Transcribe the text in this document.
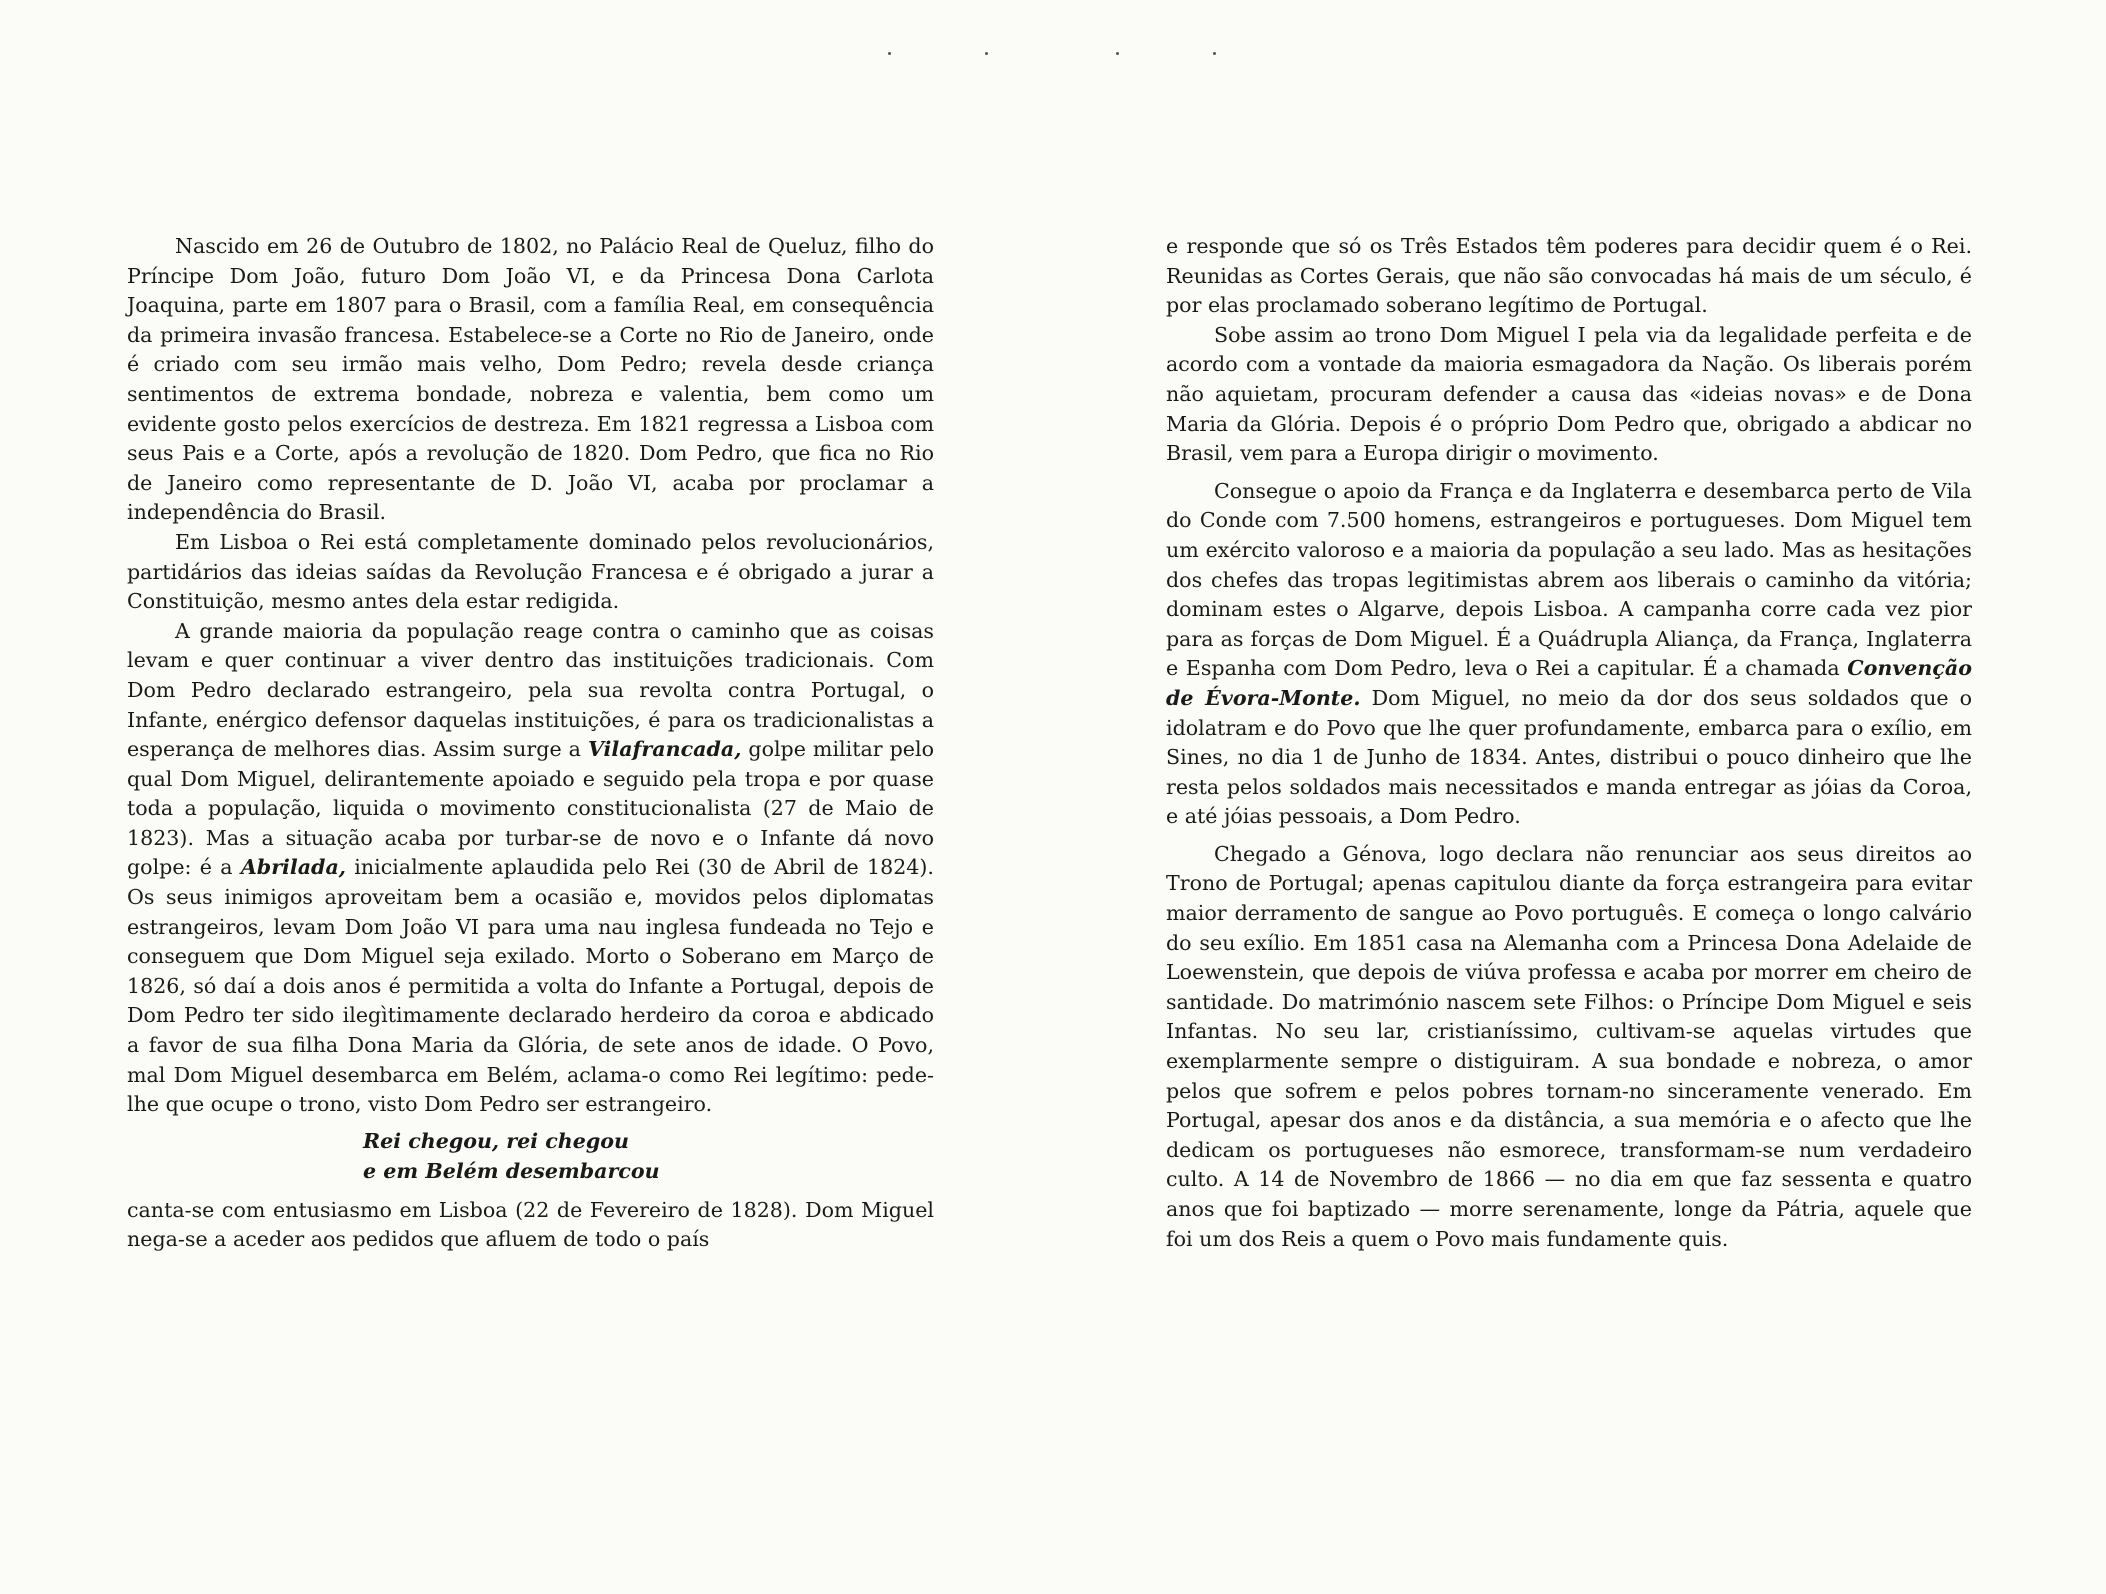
Nascido em 26 de Outubro de 1802, no Palácio Real de Queluz, filho do Príncipe Dom João, futuro Dom João VI, e da Princesa Dona Carlota Joaquina, parte em 1807 para o Brasil, com a família Real, em consequência da primeira invasão francesa. Estabelece-se a Corte no Rio de Janeiro, onde é criado com seu irmão mais velho, Dom Pedro; revela desde criança sentimentos de extrema bondade, nobreza e valentia, bem como um evidente gosto pelos exercícios de destreza. Em 1821 regressa a Lisboa com seus Pais e a Corte, após a revolução de 1820. Dom Pedro, que fica no Rio de Janeiro como representante de D. João VI, acaba por proclamar a independência do Brasil.

Em Lisboa o Rei está completamente dominado pelos revolucionários, partidários das ideias saídas da Revolução Francesa e é obrigado a jurar a Constituição, mesmo antes dela estar redigida.

A grande maioria da população reage contra o caminho que as coisas levam e quer continuar a viver dentro das instituições tradicionais. Com Dom Pedro declarado estrangeiro, pela sua revolta contra Portugal, o Infante, enérgico defensor daquelas instituições, é para os tradicionalistas a esperança de melhores dias. Assim surge a Vilafrancada, golpe militar pelo qual Dom Miguel, delirantemente apoiado e seguido pela tropa e por quase toda a população, liquida o movimento constitucionalista (27 de Maio de 1823). Mas a situação acaba por turbar-se de novo e o Infante dá novo golpe: é a Abrilada, inicialmente aplaudida pelo Rei (30 de Abril de 1824). Os seus inimigos aproveitam bem a ocasião e, movidos pelos diplomatas estrangeiros, levam Dom João VI para uma nau inglesa fundeada no Tejo e conseguem que Dom Miguel seja exilado. Morto o Soberano em Março de 1826, só daí a dois anos é permitida a volta do Infante a Portugal, depois de Dom Pedro ter sido ilegìtimamente declarado herdeiro da coroa e abdicado a favor de sua filha Dona Maria da Glória, de sete anos de idade. O Povo, mal Dom Miguel desembarca em Belém, aclama-o como Rei legítimo: pede-lhe que ocupe o trono, visto Dom Pedro ser estrangeiro.

Rei chegou, rei chegou
e em Belém desembarcou

canta-se com entusiasmo em Lisboa (22 de Fevereiro de 1828). Dom Miguel nega-se a aceder aos pedidos que afluem de todo o país

e responde que só os Três Estados têm poderes para decidir quem é o Rei. Reunidas as Cortes Gerais, que não são convocadas há mais de um século, é por elas proclamado soberano legítimo de Portugal.

Sobe assim ao trono Dom Miguel I pela via da legalidade perfeita e de acordo com a vontade da maioria esmagadora da Nação. Os liberais porém não aquietam, procuram defender a causa das «ideias novas» e de Dona Maria da Glória. Depois é o próprio Dom Pedro que, obrigado a abdicar no Brasil, vem para a Europa dirigir o movimento.

Consegue o apoio da França e da Inglaterra e desembarca perto de Vila do Conde com 7.500 homens, estrangeiros e portugueses. Dom Miguel tem um exército valoroso e a maioria da população a seu lado. Mas as hesitações dos chefes das tropas legitimistas abrem aos liberais o caminho da vitória; dominam estes o Algarve, depois Lisboa. A campanha corre cada vez pior para as forças de Dom Miguel. É a Quádrupla Aliança, da França, Inglaterra e Espanha com Dom Pedro, leva o Rei a capitular. É a chamada Convenção de Évora-Monte. Dom Miguel, no meio da dor dos seus soldados que o idolatram e do Povo que lhe quer profundamente, embarca para o exílio, em Sines, no dia 1 de Junho de 1834. Antes, distribui o pouco dinheiro que lhe resta pelos soldados mais necessitados e manda entregar as jóias da Coroa, e até jóias pessoais, a Dom Pedro.

Chegado a Génova, logo declara não renunciar aos seus direitos ao Trono de Portugal; apenas capitulou diante da força estrangeira para evitar maior derramento de sangue ao Povo português. E começa o longo calvário do seu exílio. Em 1851 casa na Alemanha com a Princesa Dona Adelaide de Loewenstein, que depois de viúva professa e acaba por morrer em cheiro de santidade. Do matrimónio nascem sete Filhos: o Príncipe Dom Miguel e seis Infantas. No seu lar, cristianíssimo, cultivam-se aquelas virtudes que exemplarmente sempre o distiguiram. A sua bondade e nobreza, o amor pelos que sofrem e pelos pobres tornam-no sinceramente venerado. Em Portugal, apesar dos anos e da distância, a sua memória e o afecto que lhe dedicam os portugueses não esmorece, transformam-se num verdadeiro culto. A 14 de Novembro de 1866 — no dia em que faz sessenta e quatro anos que foi baptizado — morre serenamente, longe da Pátria, aquele que foi um dos Reis a quem o Povo mais fundamente quis.
